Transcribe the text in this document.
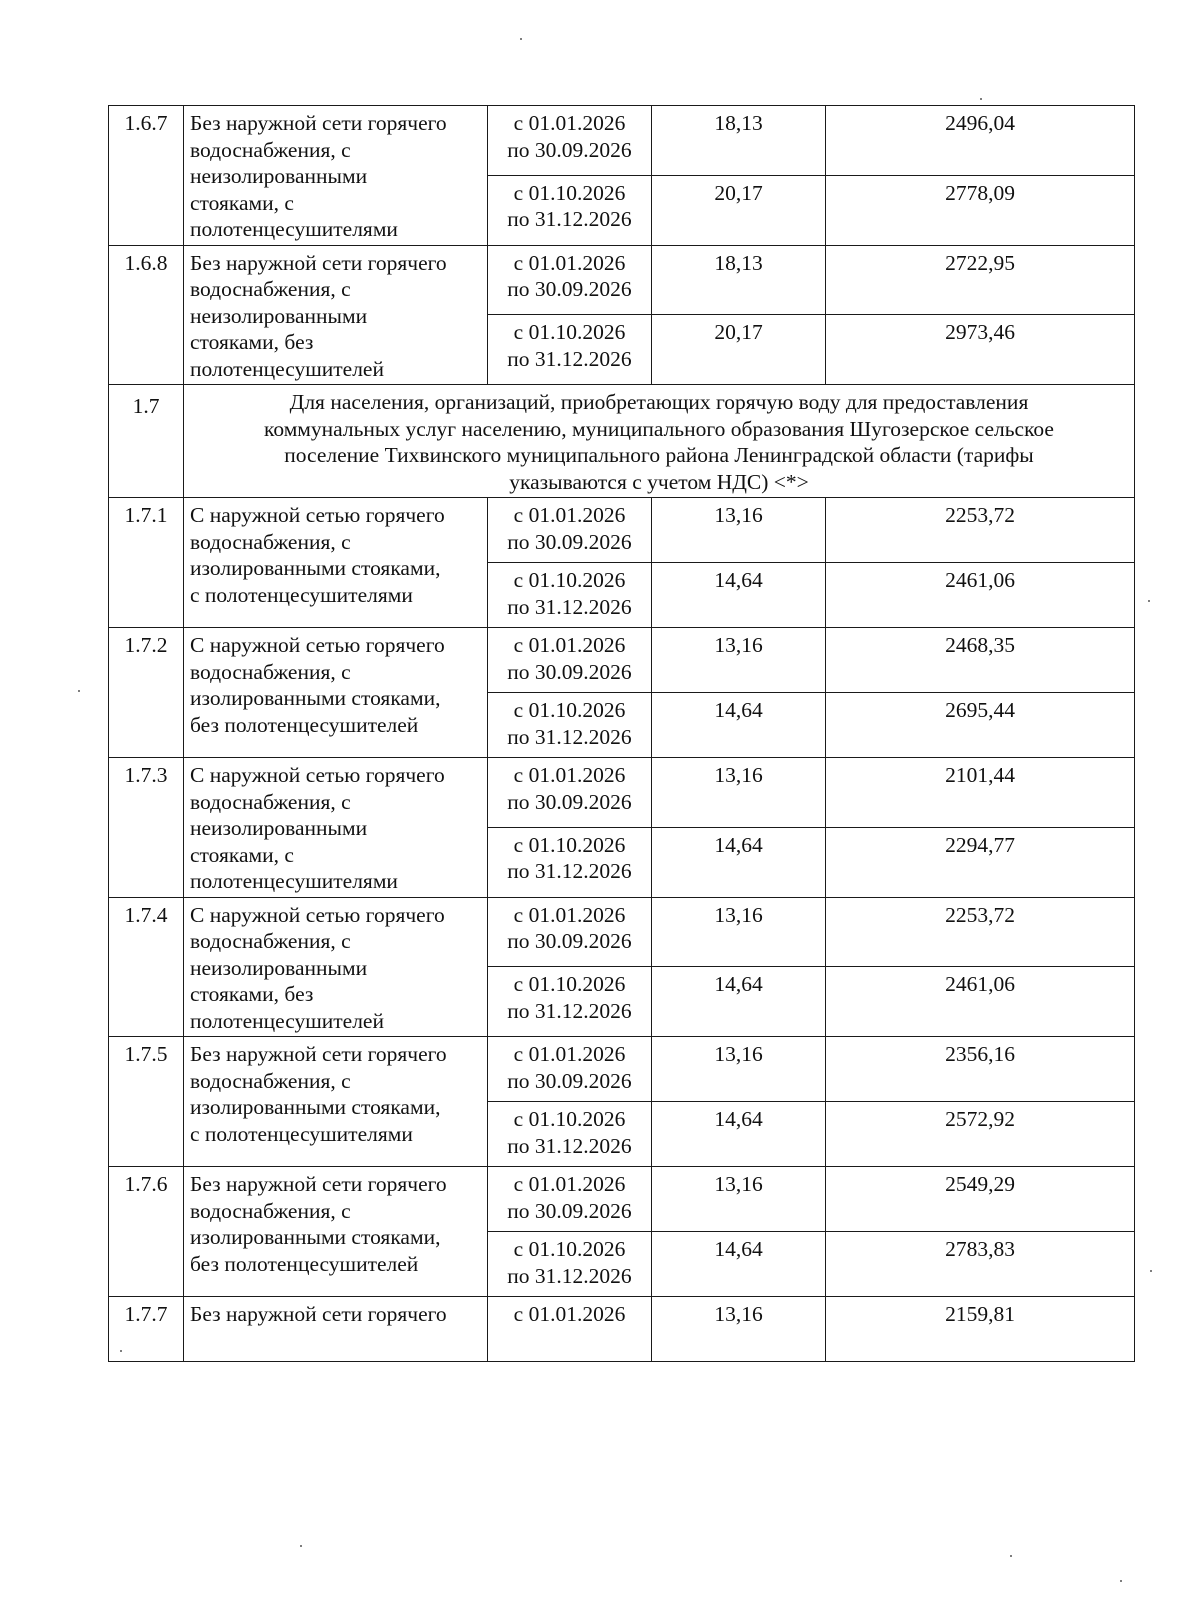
1.6.7	Без наружной сети горячего
водоснабжения, с
неизолированными
стояками, с
полотенцесушителями	с 01.01.2026
по 30.09.2026	18,13	2496,04

		с 01.10.2026
по 31.12.2026	20,17	2778,09
1.6.8	Без наружной сети горячего
водоснабжения, с
неизолированными
стояками, без
полотенцесушителей	с 01.01.2026
по 30.09.2026	18,13	2722,95

		с 01.10.2026
по 31.12.2026	20,17	2973,46
1.7	Для населения, организаций, приобретающих горячую воду для предоставления
коммунальных услуг населению, муниципального образования Шугозерское сельское
поселение Тихвинского муниципального района Ленинградской области (тарифы
указываются с учетом НДС) <*>			

1.7.1	С наружной сетью горячего
водоснабжения, с
изолированными стояками,
с полотенцесушителями	с 01.01.2026
по 30.09.2026	13,16	2253,72

		с 01.10.2026
по 31.12.2026	14,64	2461,06
1.7.2	С наружной сетью горячего
водоснабжения, с
изолированными стояками,
без полотенцесушителей	с 01.01.2026
по 30.09.2026	13,16	2468,35

		с 01.10.2026
по 31.12.2026	14,64	2695,44
1.7.3	С наружной сетью горячего
водоснабжения, с
неизолированными
стояками, с
полотенцесушителями	с 01.01.2026
по 30.09.2026	13,16	2101,44

		с 01.10.2026
по 31.12.2026	14,64	2294,77
1.7.4	С наружной сетью горячего
водоснабжения, с
неизолированными
стояками, без
полотенцесушителей	с 01.01.2026
по 30.09.2026	13,16	2253,72

		с 01.10.2026
по 31.12.2026	14,64	2461,06
1.7.5	Без наружной сети горячего
водоснабжения, с
изолированными стояками,
с полотенцесушителями	с 01.01.2026
по 30.09.2026	13,16	2356,16

		с 01.10.2026
по 31.12.2026	14,64	2572,92
1.7.6	Без наружной сети горячего
водоснабжения, с
изолированными стояками,
без полотенцесушителей	с 01.01.2026
по 30.09.2026	13,16	2549,29

		с 01.10.2026
по 31.12.2026	14,64	2783,83
1.7.7	Без наружной сети горячего	с 01.01.2026	13,16	2159,81
